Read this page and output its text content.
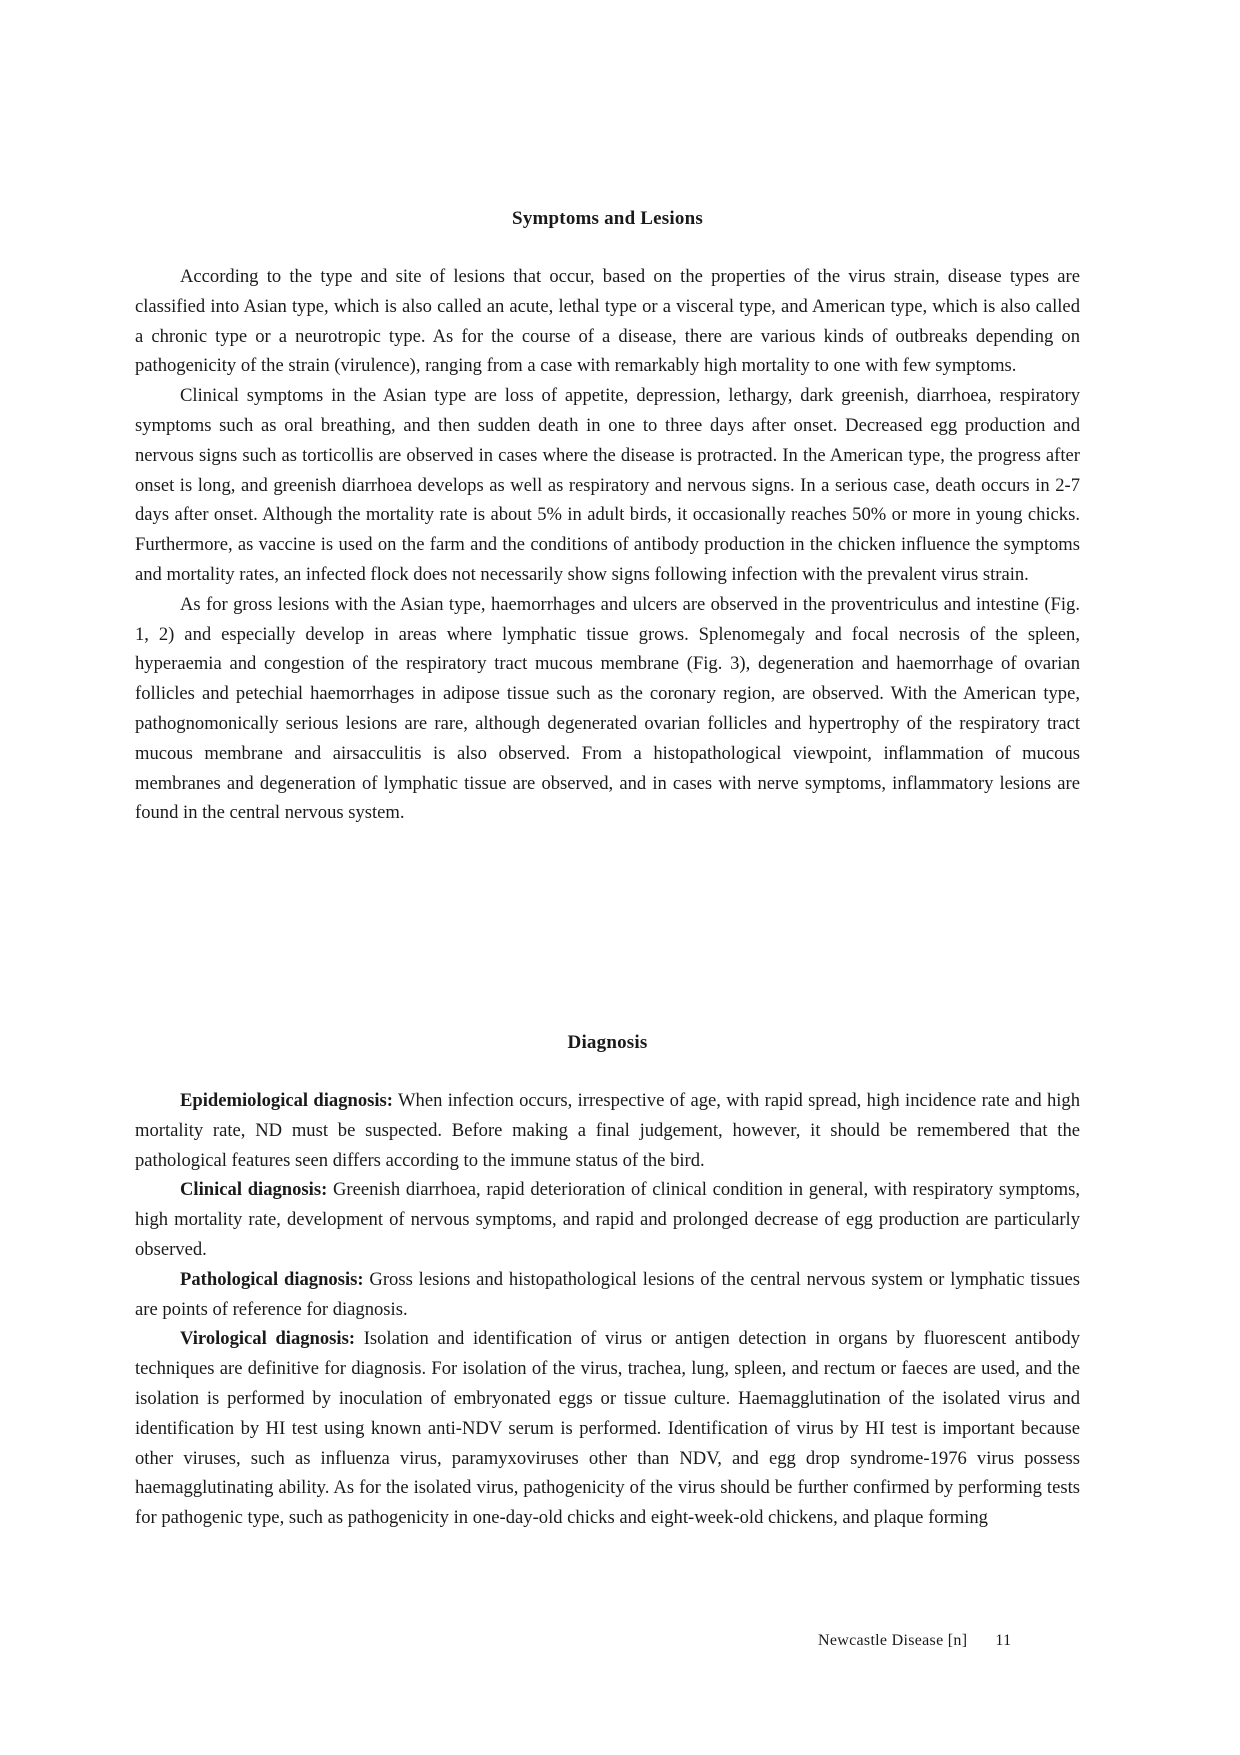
Symptoms and Lesions

According to the type and site of lesions that occur, based on the properties of the virus strain, disease types are classified into Asian type, which is also called an acute, lethal type or a visceral type, and American type, which is also called a chronic type or a neurotropic type. As for the course of a disease, there are various kinds of outbreaks depending on pathogenicity of the strain (virulence), ranging from a case with remarkably high mortality to one with few symptoms.

Clinical symptoms in the Asian type are loss of appetite, depression, lethargy, dark greenish, diarrhoea, respiratory symptoms such as oral breathing, and then sudden death in one to three days after onset. Decreased egg production and nervous signs such as torticollis are observed in cases where the disease is protracted. In the American type, the progress after onset is long, and greenish diarrhoea develops as well as respiratory and nervous signs. In a serious case, death occurs in 2-7 days after onset. Although the mortality rate is about 5% in adult birds, it occasionally reaches 50% or more in young chicks. Furthermore, as vaccine is used on the farm and the conditions of antibody production in the chicken influence the symptoms and mortality rates, an infected flock does not necessarily show signs following infection with the prevalent virus strain.

As for gross lesions with the Asian type, haemorrhages and ulcers are observed in the proventriculus and intestine (Fig. 1, 2) and especially develop in areas where lymphatic tissue grows. Splenomegaly and focal necrosis of the spleen, hyperaemia and congestion of the respiratory tract mucous membrane (Fig. 3), degeneration and haemorrhage of ovarian follicles and petechial haemorrhages in adipose tissue such as the coronary region, are observed. With the American type, pathognomonically serious lesions are rare, although degenerated ovarian follicles and hypertrophy of the respiratory tract mucous membrane and airsacculitis is also observed. From a histopathological viewpoint, inflammation of mucous membranes and degeneration of lymphatic tissue are observed, and in cases with nerve symptoms, inflammatory lesions are found in the central nervous system.

Diagnosis

Epidemiological diagnosis: When infection occurs, irrespective of age, with rapid spread, high incidence rate and high mortality rate, ND must be suspected. Before making a final judgement, however, it should be remembered that the pathological features seen differs according to the immune status of the bird.

Clinical diagnosis: Greenish diarrhoea, rapid deterioration of clinical condition in general, with respiratory symptoms, high mortality rate, development of nervous symptoms, and rapid and prolonged decrease of egg production are particularly observed.

Pathological diagnosis: Gross lesions and histopathological lesions of the central nervous system or lymphatic tissues are points of reference for diagnosis.

Virological diagnosis: Isolation and identification of virus or antigen detection in organs by fluorescent antibody techniques are definitive for diagnosis. For isolation of the virus, trachea, lung, spleen, and rectum or faeces are used, and the isolation is performed by inoculation of embryonated eggs or tissue culture. Haemagglutination of the isolated virus and identification by HI test using known anti-NDV serum is performed. Identification of virus by HI test is important because other viruses, such as influenza virus, paramyxoviruses other than NDV, and egg drop syndrome-1976 virus possess haemagglutinating ability. As for the isolated virus, pathogenicity of the virus should be further confirmed by performing tests for pathogenic type, such as pathogenicity in one-day-old chicks and eight-week-old chickens, and plaque forming

Newcastle Disease [n] 11
